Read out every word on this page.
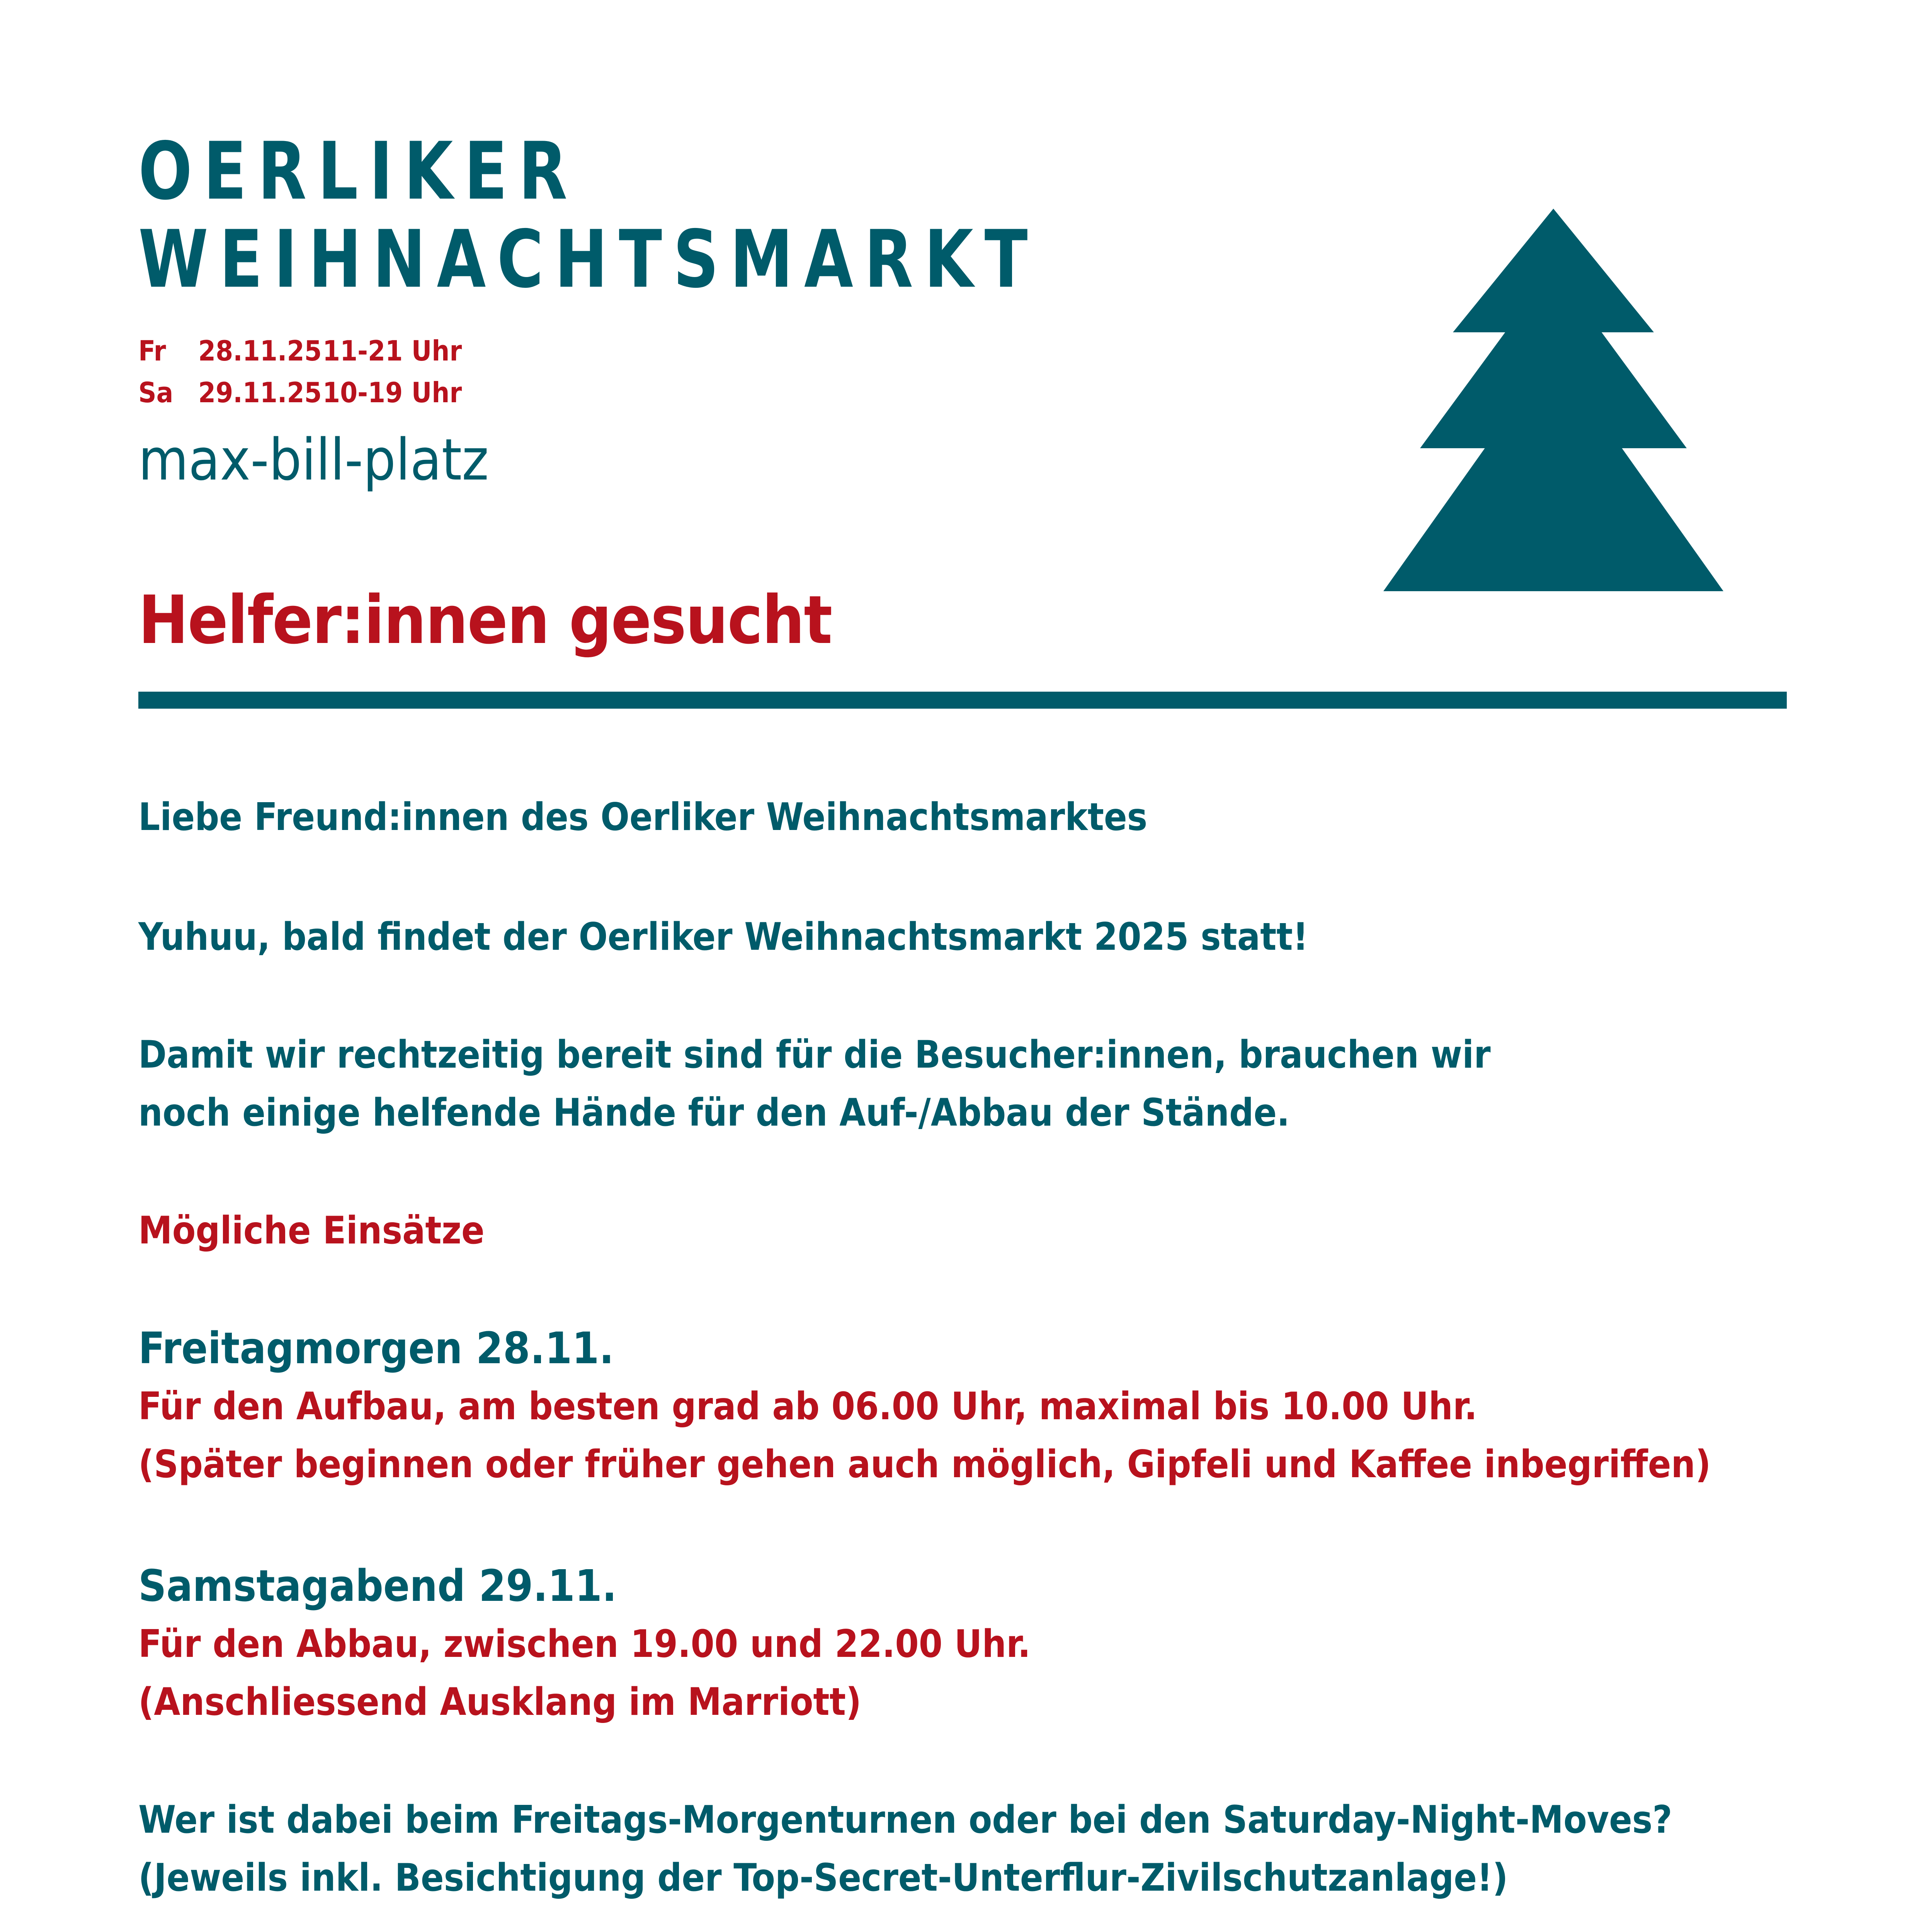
OERLIKER
WEIHNACHTSMARKT
Fr 28.11.2511-21 Uhr
Sa 29.11.2510-19 Uhr
max-bill-platz
Helfer:innen gesucht
Liebe Freund:innen des Oerliker Weihnachtsmarktes
Yuhuu, bald findet der Oerliker Weihnachtsmarkt 2025 statt!
Damit wir rechtzeitig bereit sind für die Besucher:innen, brauchen wir
noch einige helfende Hände für den Auf-/Abbau der Stände.
Mögliche Einsätze
Freitagmorgen 28.11.
Für den Aufbau, am besten grad ab 06.00 Uhr, maximal bis 10.00 Uhr.
(Später beginnen oder früher gehen auch möglich, Gipfeli und Kaffee inbegriffen)
Samstagabend 29.11.
Für den Abbau, zwischen 19.00 und 22.00 Uhr.
(Anschliessend Ausklang im Marriott)
Wer ist dabei beim Freitags-Morgenturnen oder bei den Saturday-Night-Moves?
(Jeweils inkl. Besichtigung der Top-Secret-Unterflur-Zivilschutzanlage!)
